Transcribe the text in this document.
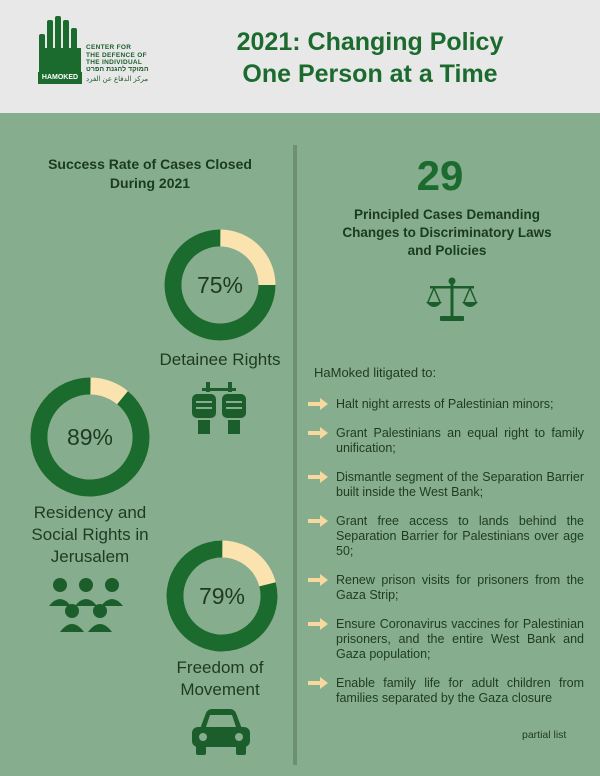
HAMOKED
CENTER FOR
THE DEFENCE OF
THE INDIVIDUAL
המוקד להגנת הפרט
مركز الدفاع عن الفرد
2021: Changing Policy
One Person at a Time
Success Rate of Cases Closed
During 2021
75%
Detainee Rights
89%
Residency and
Social Rights in
Jerusalem
79%
Freedom of
Movement
29
Principled Cases Demanding
Changes to Discriminatory Laws
and Policies
HaMoked litigated to:
Halt night arrests of Palestinian minors;
Grant Palestinians an equal right to family unification;
Dismantle segment of the Separation Barrier built inside the West Bank;
Grant free access to lands behind the Separation Barrier for Palestinians over age 50;
Renew prison visits for prisoners from the Gaza Strip;
Ensure Coronavirus vaccines for Palestinian prisoners, and the entire West Bank and Gaza population;
Enable family life for adult children from families separated by the Gaza closure
partial list
